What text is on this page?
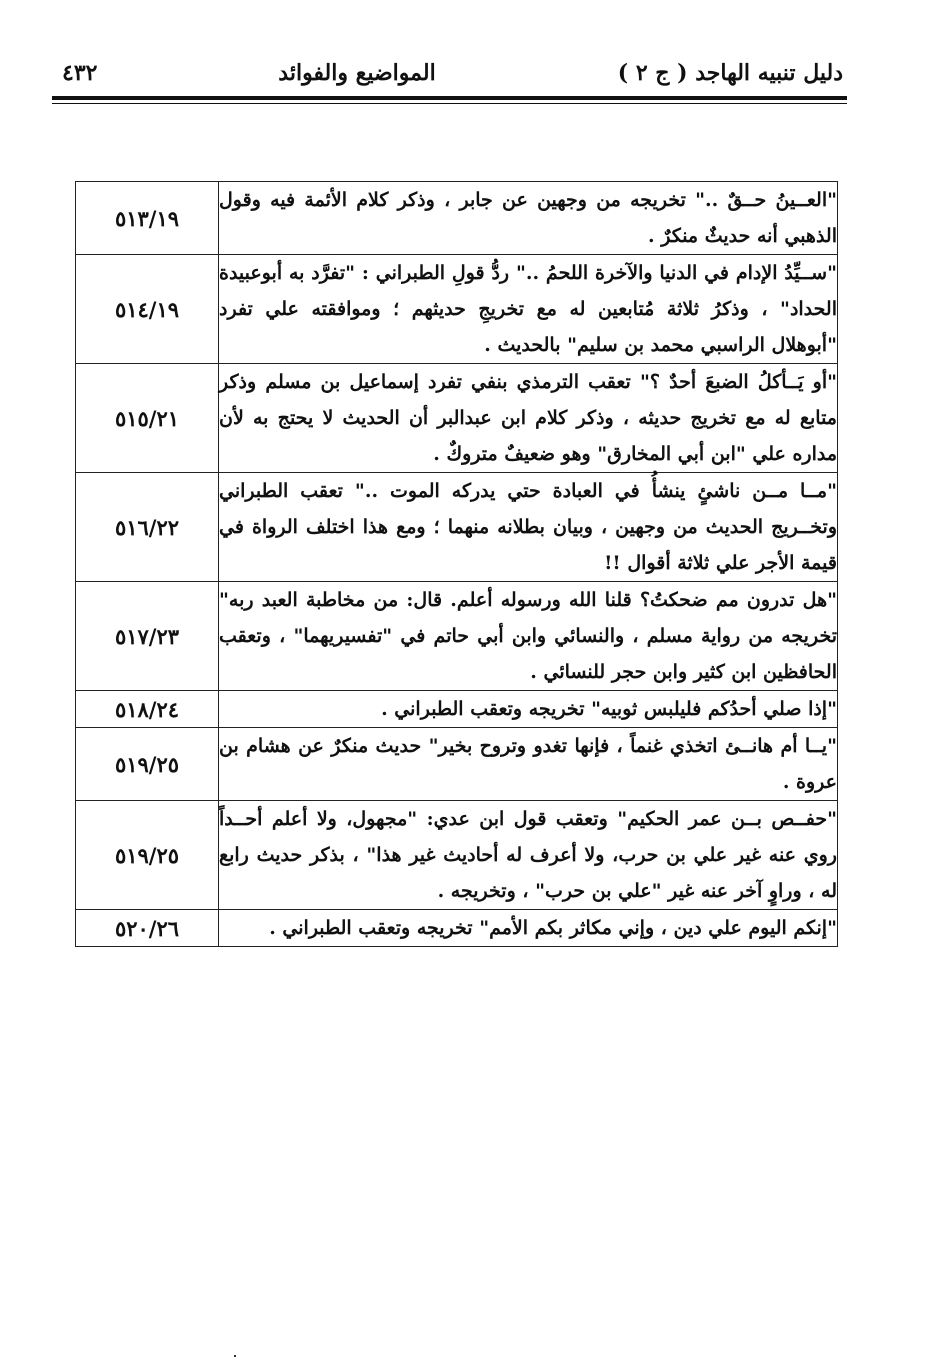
دليل تنبيه الهاجد ( ج ٢ )
المواضيع والفوائد
٤٣٢
٥١٣/١٩	"العــينُ حــقٌ .." تخريجه من وجهين عن جابر ، وذكر كلام الأئمة فيه وقول الذهبي أنه حديثٌ منكرٌ .
٥١٤/١٩	"ســيِّدُ الإدام في الدنيا والآخرة اللحمُ .." ردُّ قولِ الطبراني : "تفرَّد به أبوعبيدة الحداد" ، وذكرُ ثلاثة مُتابعين له مع تخريجِ حديثهم ؛ وموافقته علي تفرد "أبوهلال الراسبي محمد بن سليم" بالحديث .
٥١٥/٢١	"أو يَــأكلُ الضبعَ أحدٌ ؟" تعقب الترمذي بنفي تفرد إسماعيل بن مسلم وذكر متابع له مع تخريج حديثه ، وذكر كلام ابن عبدالبر أن الحديث لا يحتج به لأن مداره علي "ابن أبي المخارق" وهو ضعيفٌ متروكٌ .
٥١٦/٢٢	"مــا مــن ناشئٍ ينشأُ في العبادة حتي يدركه الموت .." تعقب الطبراني وتخــريج الحديث من وجهين ، وبيان بطلانه منهما ؛ ومع هذا اختلف الرواة في قيمة الأجر علي ثلاثة أقوال !!
٥١٧/٢٣	"هل تدرون مم ضحكتُ؟ قلنا الله ورسوله أعلم. قال: من مخاطبة العبد ربه" تخريجه من رواية مسلم ، والنسائي وابن أبي حاتم في "تفسيريهما" ، وتعقب الحافظين ابن كثير وابن حجر للنسائي .
٥١٨/٢٤	"إذا صلي أحدُكم فليلبس ثوبيه" تخريجه وتعقب الطبراني .
٥١٩/٢٥	"يــا أم هانــئ اتخذي غنماً ، فإنها تغدو وتروح بخير" حديث منكرٌ عن هشام بن عروة .
٥١٩/٢٥	"حفــص بــن عمر الحكيم" وتعقب قول ابن عدي: "مجهول، ولا أعلم أحــداً روي عنه غير علي بن حرب، ولا أعرف له أحاديث غير هذا" ، بذكر حديث رابع له ، وراوٍ آخر عنه غير "علي بن حرب" ، وتخريجه .
٥٢٠/٢٦	"إنكم اليوم علي دين ، وإني مكاثر بكم الأمم" تخريجه وتعقب الطبراني .
